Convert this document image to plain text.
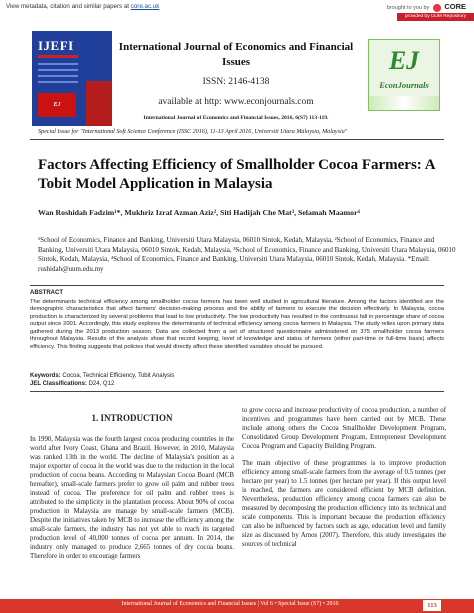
View metadata, citation and similar papers at core.ac.uk	brought to you by CORE
provided by UUM Repository
IJEFI
EJ
International Journal of Economics and Financial Issues
ISSN: 2146-4138
available at http: www.econjournals.com
International Journal of Economics and Financial Issues, 2016, 6(S7) 113-119.
EJ
EconJournals
Special Issue for "International Soft Science Conference (ISSC 2016), 11-13 April 2016, Universiti Utara Malaysia, Malaysia"
Factors Affecting Efficiency of Smallholder Cocoa Farmers: A Tobit Model Application in Malaysia
Wan Roshidah Fadzim¹*, Mukhriz Izraf Azman Aziz², Siti Hadijah Che Mat³, Selamah Maamor⁴
¹School of Economics, Finance and Banking, Universiti Utara Malaysia, 06010 Sintok, Kedah, Malaysia, ²School of Economics, Finance and Banking, Universiti Utara Malaysia, 06010 Sintok, Kedah, Malaysia, ³School of Economics, Finance and Banking, Universiti Utara Malaysia, 06010 Sintok, Kedah, Malaysia, ⁴School of Economics, Finance and Banking, Universiti Utara Malaysia, 06010 Sintok, Kedah, Malaysia. *Email: rushidah@uum.edu.my
ABSTRACT
The determinants technical efficiency among smallholder cocoa farmers has been well studied in agricultural literature. Among the factors identified are the demographic characteristics that affect farmers' decision-making process and the ability of farmers to execute the decision effectively. In Malaysia, cocoa production is characterized by several problems that lead to low productivity. The low productivity has resulted in the continuous fall in percentage share of cocoa output since 2001. Accordingly, this study explores the determinants of technical efficiency among cocoa farmers in Malaysia. The study relies upon primary data gathered during the 2013 production season. Data are collected from a set of structured questionnaire administered on 375 smallholder cocoa farmers throughout Malaysia. Results of the analysis show that record keeping, level of knowledge and status of farmers (either part-time or full-time basis) affects efficiency. This finding suggests that policies that would directly affect these identified variables should be pursued.
Keywords: Cocoa, Technical Efficiency, Tobit Analysis
JEL Classifications: D24, Q12
1. INTRODUCTION
In 1990, Malaysia was the fourth largest cocoa producing countries in the world after Ivory Coast, Ghana and Brazil. However, in 2010, Malaysia was ranked 13th in the world. The decline of Malaysia's position as a major exporter of cocoa in the world was due to the reduction in the local production of cocoa beans. According to Malaysian Cocoa Board (MCB hereafter), small-scale farmers prefer to grow oil palm and rubber trees instead of cocoa. The preference for oil palm and rubber trees is attributed to the simplicity in the plantation process. About 90% of cocoa production in Malaysia are manage by small-scale farmers (MCB). Despite the initiatives taken by MCB to increase the efficiency among the small-scale farmers, the industry has not yet able to reach its targeted production level of 40,000 tonnes of cocoa per annum. In 2014, the industry only managed to produce 2,665 tonnes of dry cocoa beans. Therefore in order to encourage farmers

to grow cocoa and increase productivity of cocoa production, a number of incentives and programmes have been carried out by MCB. These include among others the Cocoa Smallholder Development Program, Consolidated Group Development Program, Entrepreneur Development Cocoa Program and Capacity Building Program.

The main objective of these programmes is to improve production efficiency among small-scale farmers from the average of 0.5 tonnes (per hectare per year) to 1.5 tonnes (per hectare per year). If this output level is reached, the farmers are considered efficient by MCB definition. Nevertheless, production efficiency among cocoa farmers can also be measured by decomposing the production efficiency into its technical and scale components. This is important because the production efficiency can also be influenced by factors such as age, education level and family size as discussed by Amos (2007). Therefore, this study investigates the sources of technical

International Journal of Economics and Financial Issues | Vol 6 • Special Issue (S7) • 2016	113
